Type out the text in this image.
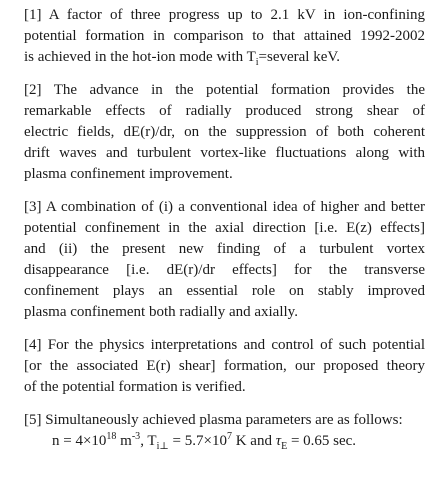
[1] A factor of three progress up to 2.1 kV in ion-confining
potential formation in comparison to that attained 1992-2002
is achieved in the hot-ion mode with $T_i=several$ keV.
[2] The advance in the potential formation provides the
remarkable effects of radially produced strong shear of
electric fields, dE(r)/dr, on the suppression of both coherent
drift waves and turbulent vortex-like fluctuations along with
plasma confinement improvement.
[3] A combination of (i) a conventional idea of higher and better
potential confinement in the axial direction [i.e. E(z) effects]
and (ii) the present new finding of a turbulent vortex
disappearance [i.e. dE(r)/dr effects] for the transverse
confinement plays an essential role on stably improved
plasma confinement both radially and axially.
[4] For the physics interpretations and control of such potential
[or the associated E(r) shear] formation, our proposed theory
of the potential formation is verified.
[5] Simultaneously achieved plasma parameters are as follows:
$n = 4\times 10^{18}$ $m^{-3}$, $T_{i\perp} = 5.7\times 10^7$ K and $\tau_E = 0.65$ sec.
